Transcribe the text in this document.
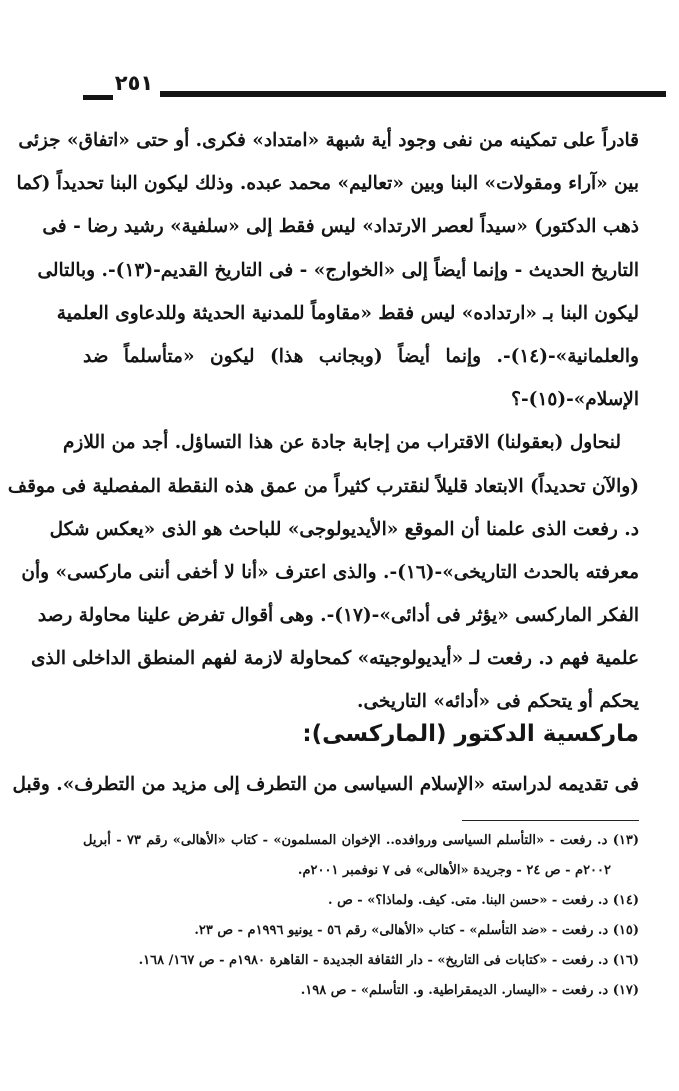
٢٥١
قادراً على تمكينه من نفى وجود أية شبهة «امتداد» فكرى. أو حتى «اتفاق» جزئى
بين «آراء ومقولات» البنا وبين «تعاليم» محمد عبده. وذلك ليكون البنا تحديداً (كما
ذهب الدكتور) «سيداً لعصر الارتداد» ليس فقط إلى «سلفية» رشيد رضا - فى
التاريخ الحديث - وإنما أيضاً إلى «الخوارج» - فى التاريخ القديم-(١٣)-. وبالتالى
ليكون البنا بـ «ارتداده» ليس فقط «مقاوماً للمدنية الحديثة وللدعاوى العلمية
والعلمانية»-(١٤)-. وإنما أيضاً (وبجانب هذا) ليكون «متأسلماً ضد
الإسلام»-(١٥)-؟
لنحاول (بعقولنا) الاقتراب من إجابة جادة عن هذا التساؤل. أجد من اللازم
(والآن تحديداً) الابتعاد قليلاً لنقترب كثيراً من عمق هذه النقطة المفصلية فى موقف
د. رفعت الذى علمنا أن الموقع «الأيديولوجى» للباحث هو الذى «يعكس شكل
معرفته بالحدث التاريخى»-(١٦)-. والذى اعترف «أنا لا أخفى أننى ماركسى» وأن
الفكر الماركسى «يؤثر فى أدائى»-(١٧)-. وهى أقوال تفرض علينا محاولة رصد
علمية فهم د. رفعت لـ «أيديولوجيته» كمحاولة لازمة لفهم المنطق الداخلى الذى
يحكم أو يتحكم فى «أدائه» التاريخى.
ماركسية الدكتور (الماركسى):
فى تقديمه لدراسته «الإسلام السياسى من التطرف إلى مزيد من التطرف». وقبل
(١٣) د. رفعت - «التأسلم السياسى وروافده.. الإخوان المسلمون» - كتاب «الأهالى» رقم ٧٣ - أبريل
٢٠٠٢م - ص ٢٤ - وجريدة «الأهالى» فى ٧ نوفمبر ٢٠٠١م.
(١٤) د. رفعت - «حسن البنا. متى. كيف. ولماذا؟» - ص .
(١٥) د. رفعت - «ضد التأسلم» - كتاب «الأهالى» رقم ٥٦ - يونيو ١٩٩٦م - ص ٢٣.
(١٦) د. رفعت - «كتابات فى التاريخ» - دار الثقافة الجديدة - القاهرة ١٩٨٠م - ص ١٦٧/ ١٦٨.
(١٧) د. رفعت - «اليسار. الديمقراطية. و. التأسلم» - ص ١٩٨.
